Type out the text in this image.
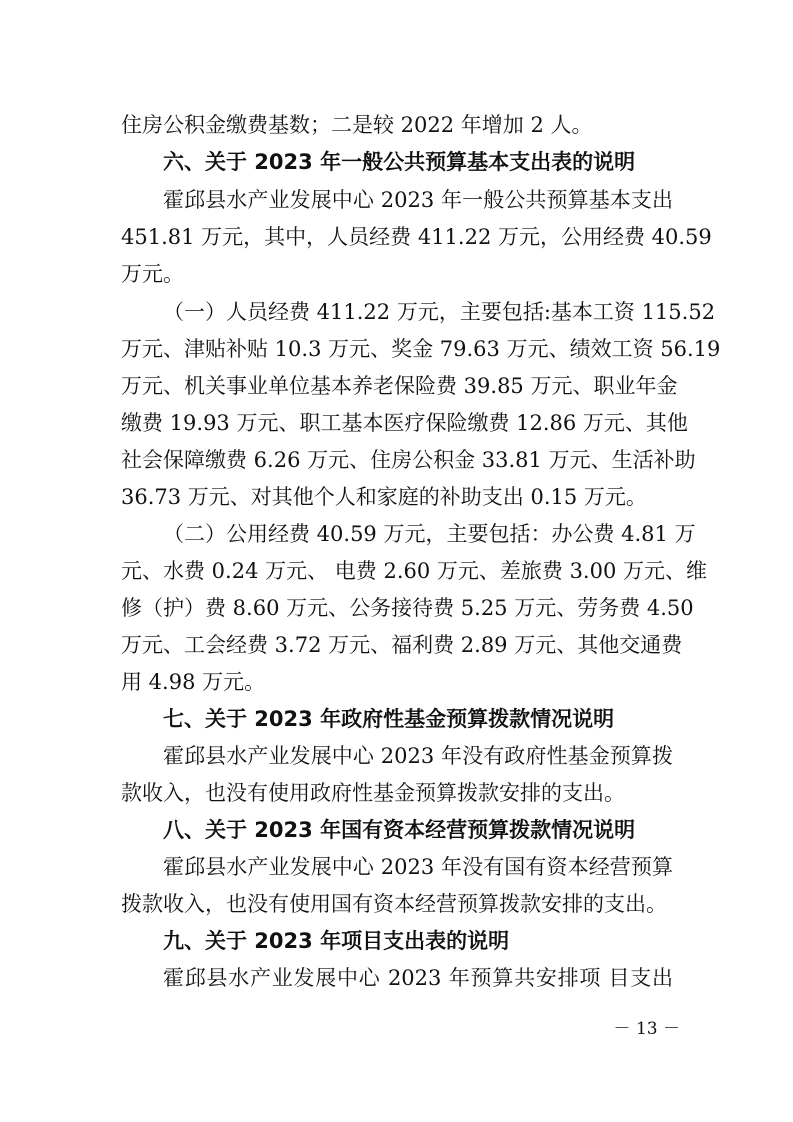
住房公积金缴费基数；二是较 2022 年增加 2 人。
六、关于 2023 年一般公共预算基本支出表的说明
霍邱县水产业发展中心 2023 年一般公共预算基本支出
451.81 万元，其中，人员经费 411.22 万元，公用经费 40.59
万元。
（一）人员经费 411.22 万元，主要包括:基本工资 115.52
万元、津贴补贴 10.3 万元、奖金 79.63 万元、绩效工资 56.19
万元、机关事业单位基本养老保险费 39.85 万元、职业年金
缴费 19.93 万元、职工基本医疗保险缴费 12.86 万元、其他
社会保障缴费 6.26 万元、住房公积金 33.81 万元、生活补助
36.73 万元、对其他个人和家庭的补助支出 0.15 万元。
（二）公用经费 40.59 万元，主要包括：办公费 4.81 万
元、水费 0.24 万元、 电费 2.60 万元、差旅费 3.00 万元、维
修（护）费 8.60 万元、公务接待费 5.25 万元、劳务费 4.50
万元、工会经费 3.72 万元、福利费 2.89 万元、其他交通费
用 4.98 万元。
七、关于 2023 年政府性基金预算拨款情况说明
霍邱县水产业发展中心 2023 年没有政府性基金预算拨
款收入，也没有使用政府性基金预算拨款安排的支出。
八、关于 2023 年国有资本经营预算拨款情况说明
霍邱县水产业发展中心 2023 年没有国有资本经营预算
拨款收入，也没有使用国有资本经营预算拨款安排的支出。
九、关于 2023 年项目支出表的说明
霍邱县水产业发展中心 2023 年预算共安排项 目支出
－ 13 －
